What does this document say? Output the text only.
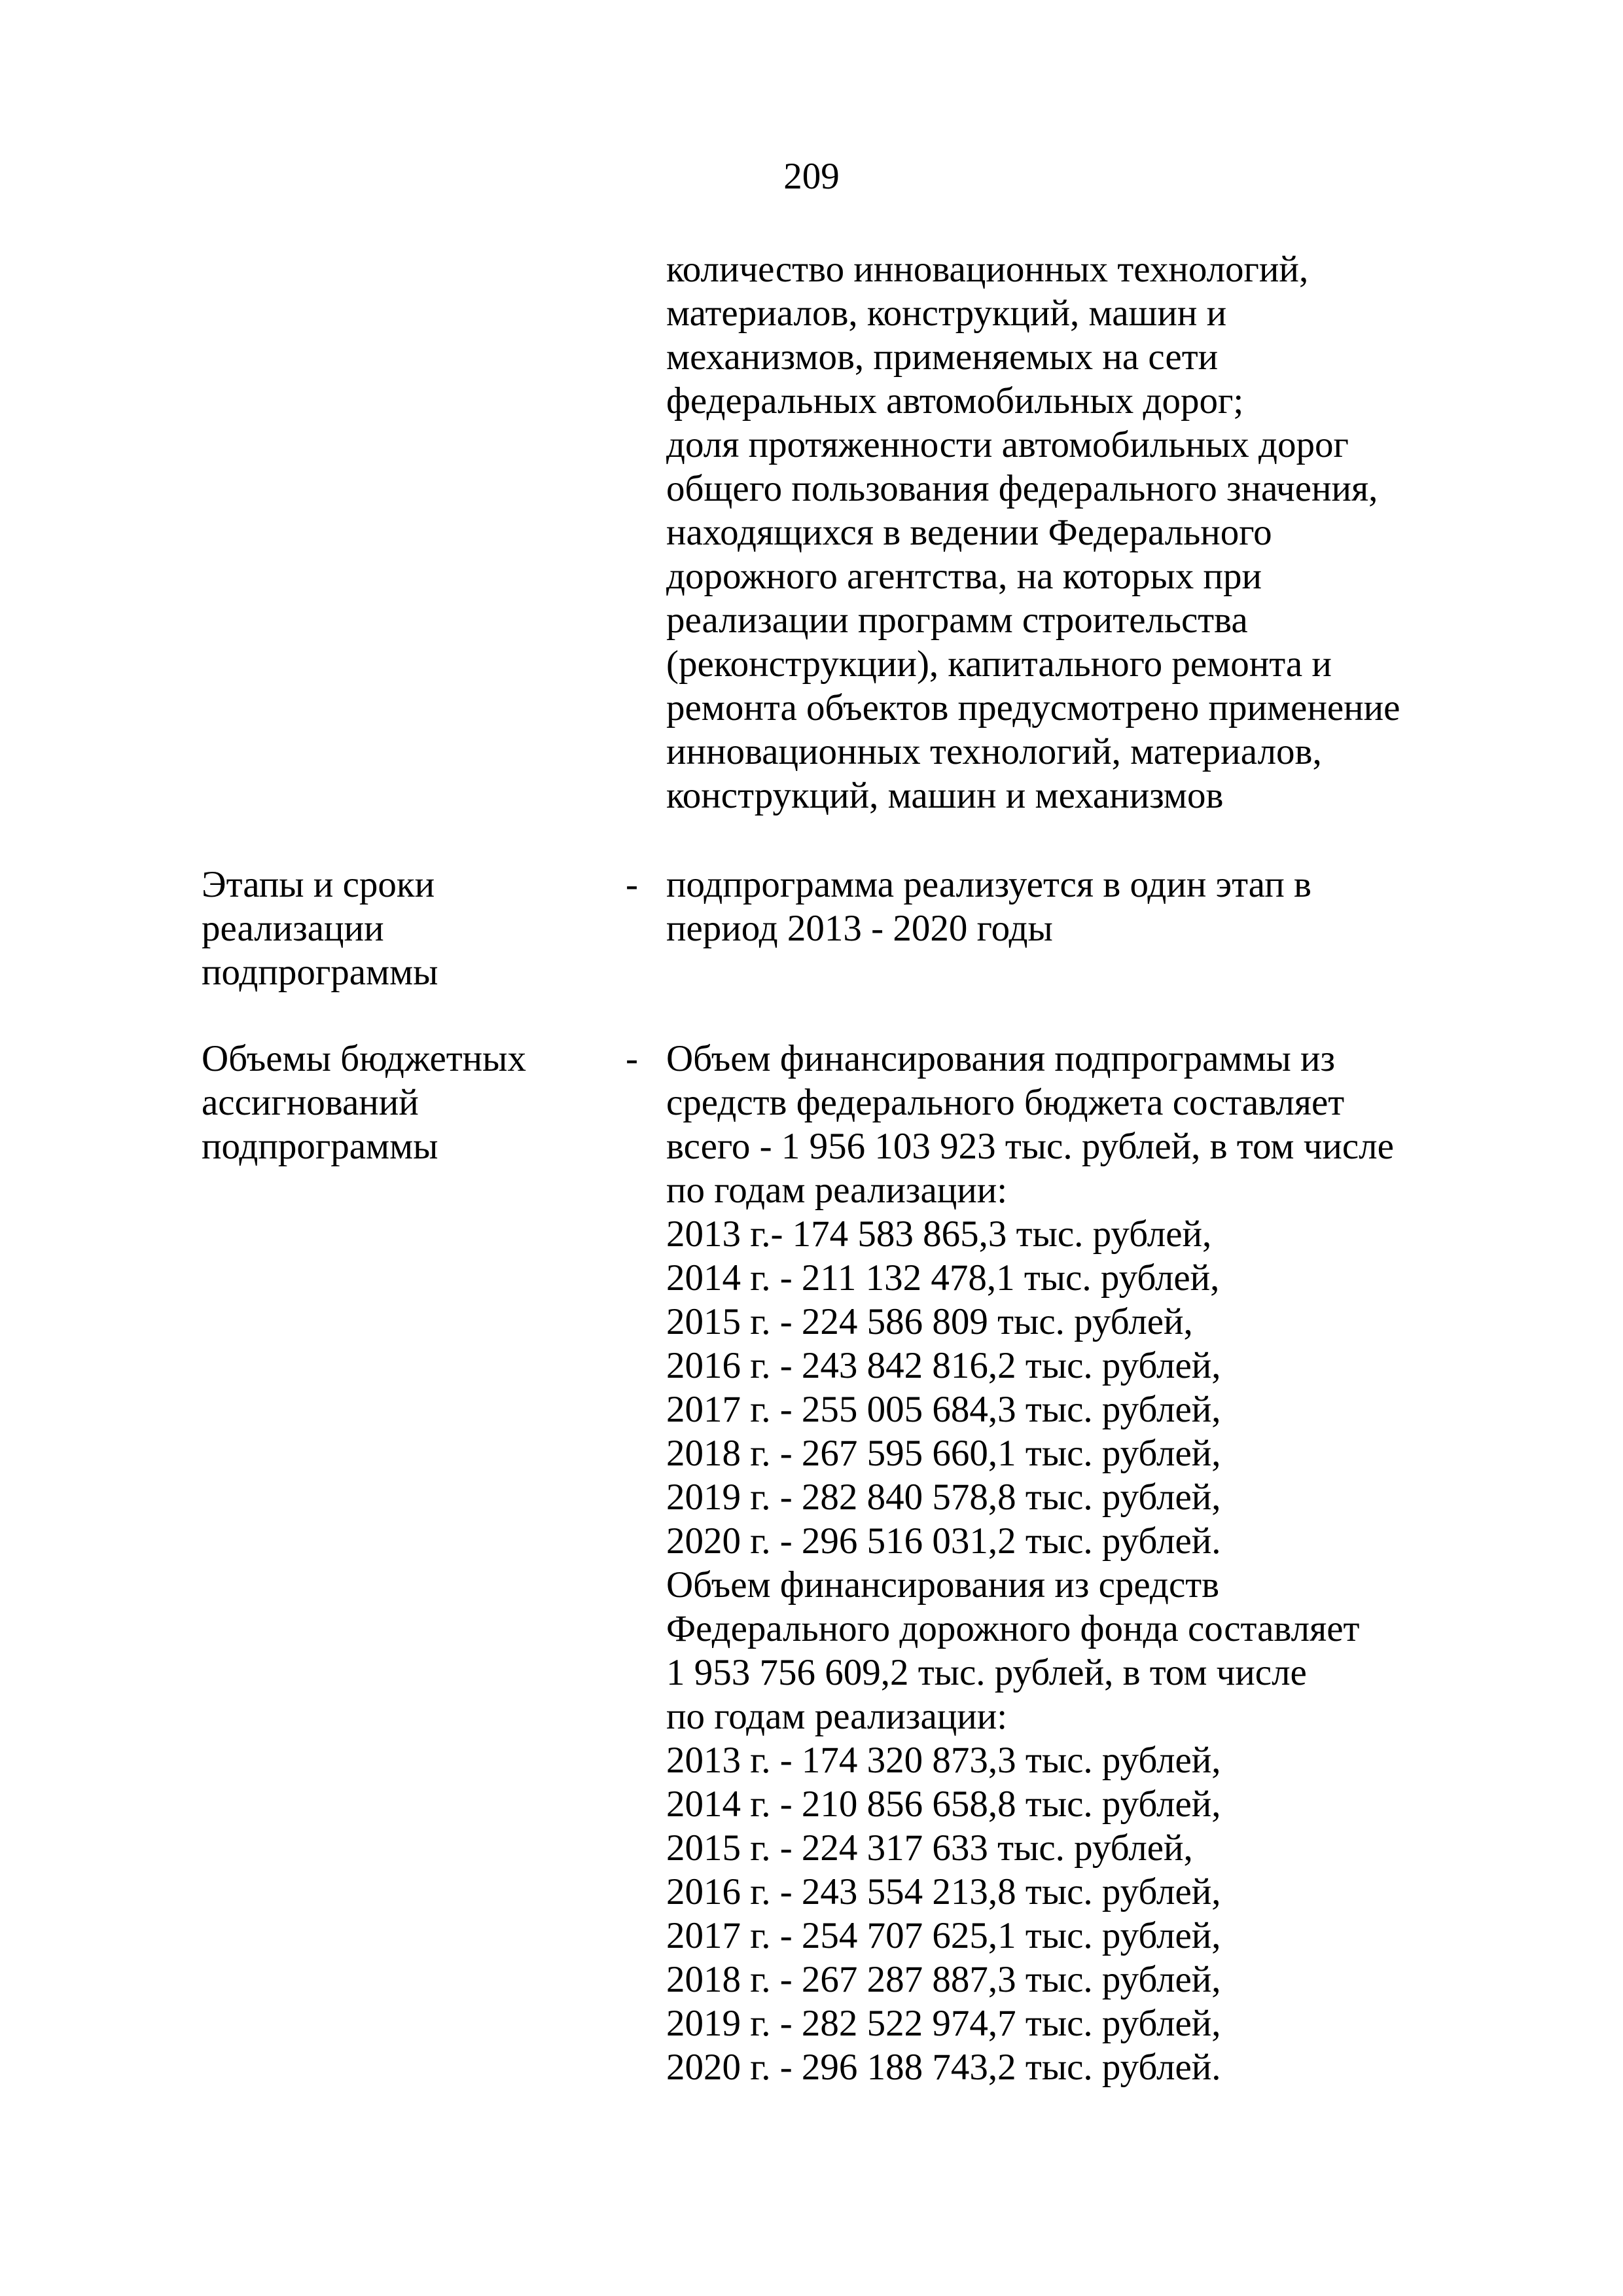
209
количество инновационных технологий,
материалов, конструкций, машин и
механизмов, применяемых на сети
федеральных автомобильных дорог;
доля протяженности автомобильных дорог
общего пользования федерального значения,
находящихся в ведении Федерального
дорожного агентства, на которых при
реализации программ строительства
(реконструкции), капитального ремонта и
ремонта объектов предусмотрено применение
инновационных технологий, материалов,
конструкций, машин и механизмов
Этапы и сроки
реализации
подпрограммы
- подпрограмма реализуется в один этап в
период 2013 - 2020 годы
Объемы бюджетных
ассигнований
подпрограммы
- Объем финансирования подпрограммы из
средств федерального бюджета составляет
всего - 1 956 103 923 тыс. рублей, в том числе
по годам реализации:
2013 г.- 174 583 865,3 тыс. рублей,
2014 г. - 211 132 478,1 тыс. рублей,
2015 г. - 224 586 809 тыс. рублей,
2016 г. - 243 842 816,2 тыс. рублей,
2017 г. - 255 005 684,3 тыс. рублей,
2018 г. - 267 595 660,1 тыс. рублей,
2019 г. - 282 840 578,8 тыс. рублей,
2020 г. - 296 516 031,2 тыс. рублей.
Объем финансирования из средств
Федерального дорожного фонда составляет
1 953 756 609,2 тыс. рублей, в том числе
по годам реализации:
2013 г. - 174 320 873,3 тыс. рублей,
2014 г. - 210 856 658,8 тыс. рублей,
2015 г. - 224 317 633 тыс. рублей,
2016 г. - 243 554 213,8 тыс. рублей,
2017 г. - 254 707 625,1 тыс. рублей,
2018 г. - 267 287 887,3 тыс. рублей,
2019 г. - 282 522 974,7 тыс. рублей,
2020 г. - 296 188 743,2 тыс. рублей.
